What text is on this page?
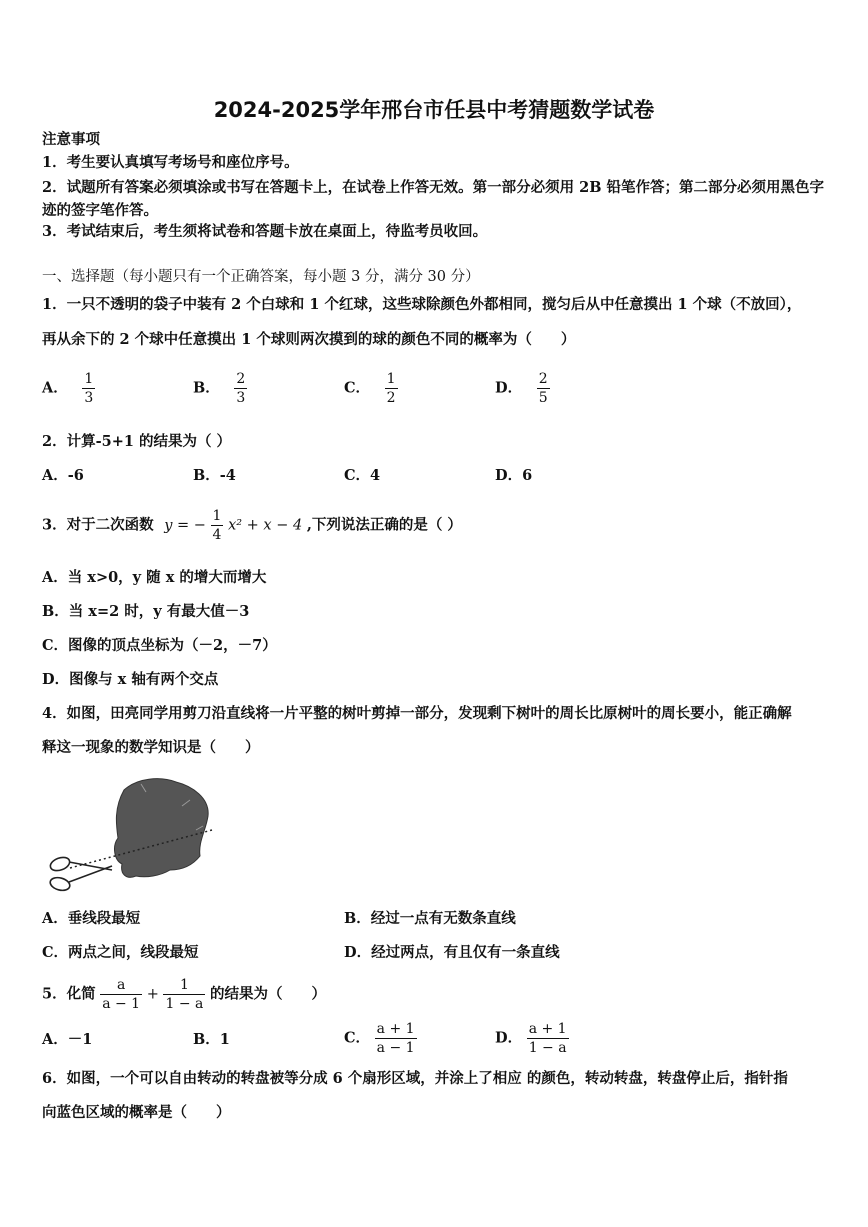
2024-2025学年邢台市任县中考猜题数学试卷
注意事项
1．考生要认真填写考场号和座位序号。
2．试题所有答案必须填涂或书写在答题卡上，在试卷上作答无效。第一部分必须用 2B 铅笔作答；第二部分必须用黑色字迹的签字笔作答。
3．考试结束后，考生须将试卷和答题卡放在桌面上，待监考员收回。
一、选择题（每小题只有一个正确答案，每小题 3 分，满分 30 分）
1．一只不透明的袋子中装有 2 个白球和 1 个红球，这些球除颜色外都相同，搅匀后从中任意摸出 1 个球（不放回），
再从余下的 2 个球中任意摸出 1 个球则两次摸到的球的颜色不同的概率为（　　）
A． $\frac{1}{3}$	B． $\frac{2}{3}$	C． $\frac{1}{2}$	D． $\frac{2}{5}$
2．计算-5+1 的结果为（ ）
A．-6	B．-4	C．4	D．6
3．对于二次函数 y = − $\frac{1}{4} x^2 + x - 4$ ,下列说法正确的是（ ）
A．当 x>0，y 随 x 的增大而增大
B．当 x=2 时，y 有最大值－3
C．图像的顶点坐标为（－2，－7）
D．图像与 x 轴有两个交点
4．如图，田亮同学用剪刀沿直线将一片平整的树叶剪掉一部分，发现剩下树叶的周长比原树叶的周长要小，能正确解
释这一现象的数学知识是（　　）
A．垂线段最短	B．经过一点有无数条直线
C．两点之间，线段最短	D．经过两点，有且仅有一条直线
5．化简 $\frac{a}{a - 1} + \frac{1}{1 - a}$ 的结果为（　　）
A．－1	B．1	C． $\frac{a + 1}{a - 1}$	D． $\frac{a + 1}{1 - a}$
6．如图，一个可以自由转动的转盘被等分成 6 个扇形区域，并涂上了相应 的颜色，转动转盘，转盘停止后，指针指
向蓝色区域的概率是（　　）
